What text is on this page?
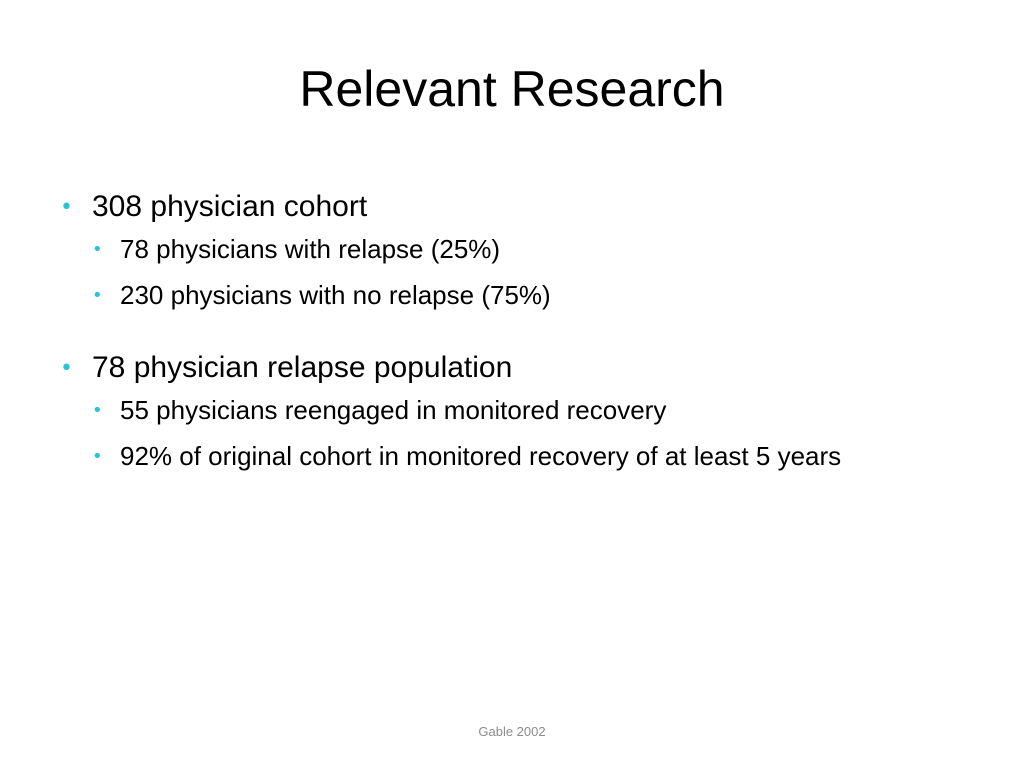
Relevant Research
• 308 physician cohort
• 78 physicians with relapse (25%)
• 230 physicians with no relapse (75%)
• 78 physician relapse population
• 55 physicians reengaged in monitored recovery
• 92% of original cohort in monitored recovery of at least 5 years
Gable 2002
